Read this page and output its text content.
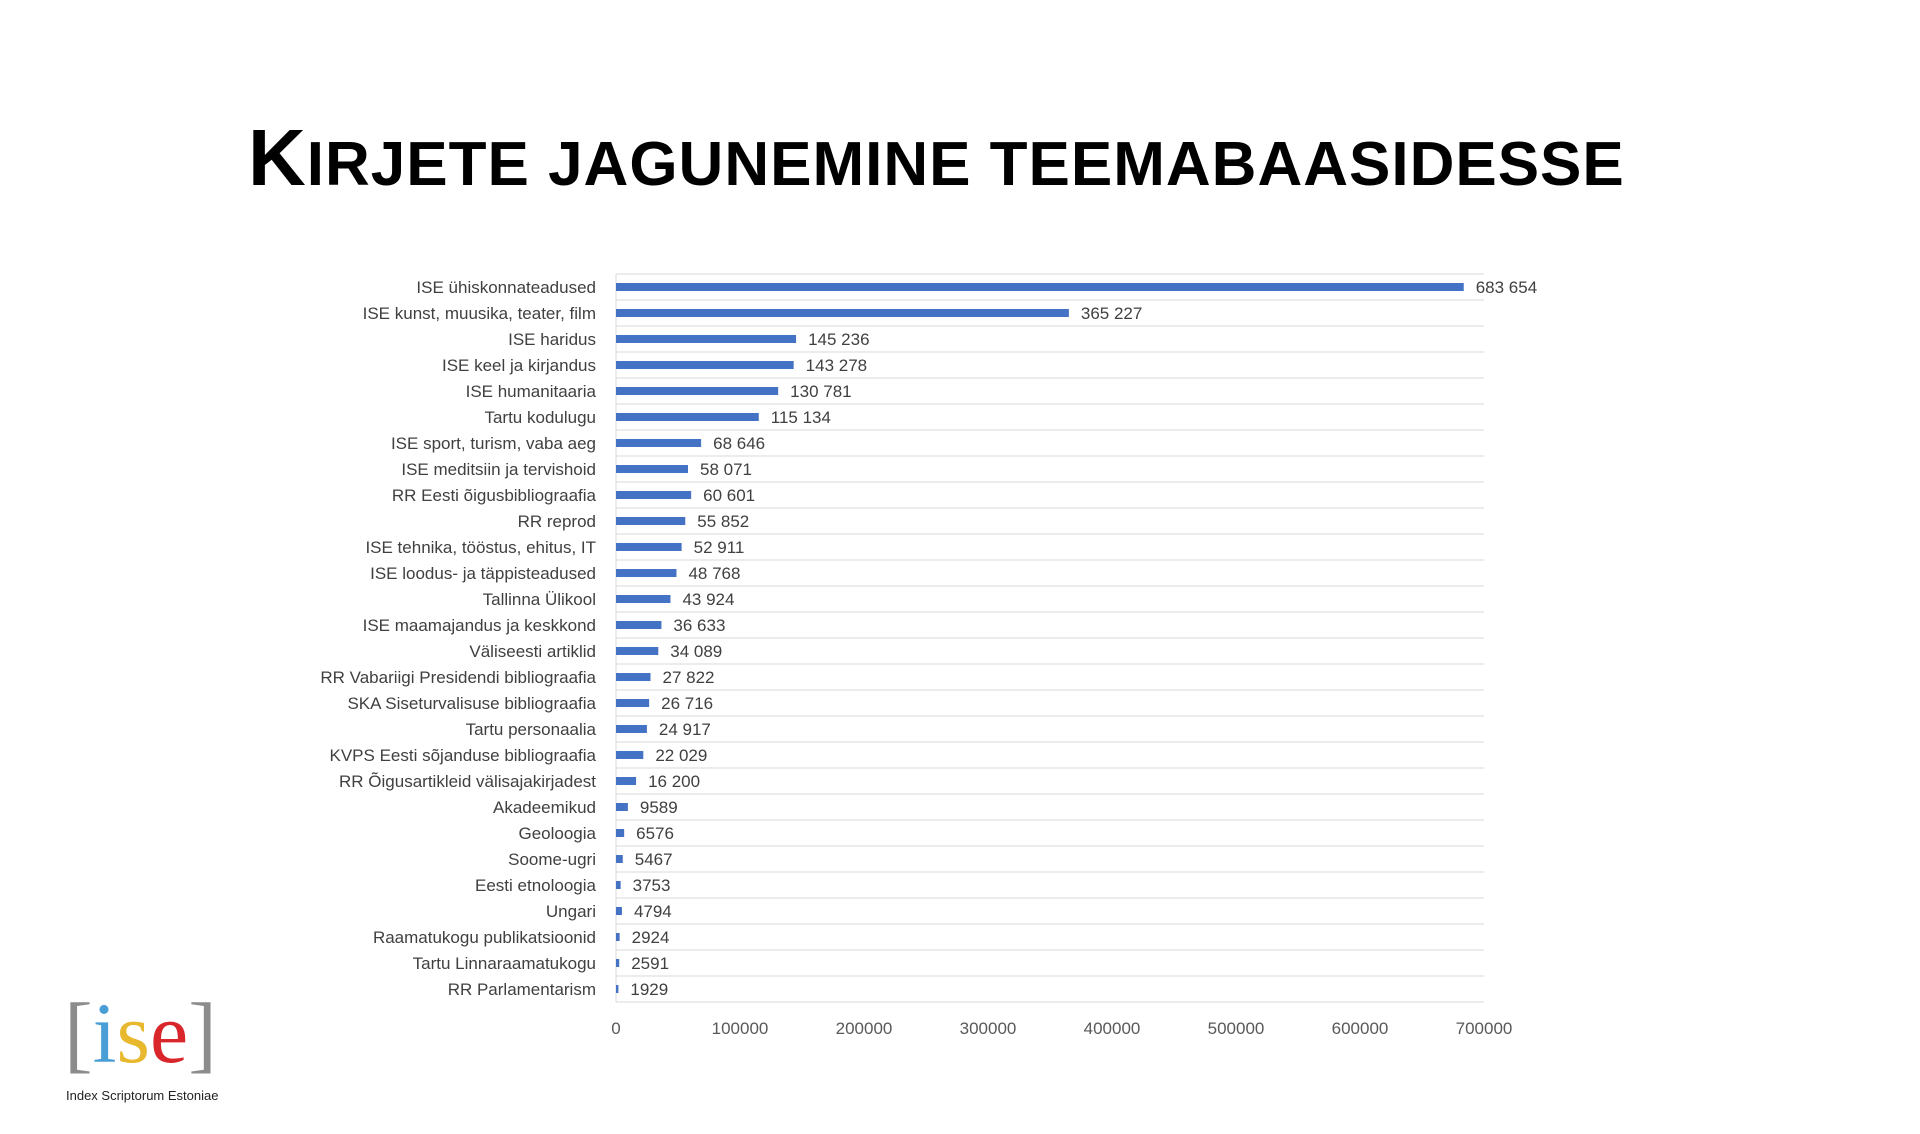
KIRJETE JAGUNEMINE TEEMABAASIDESSE
ISE ühiskonnateadused
ISE kunst, muusika, teater, film
ISE haridus
ISE keel ja kirjandus
ISE humanitaaria
Tartu kodulugu
ISE sport, turism, vaba aeg
ISE meditsiin ja tervishoid
RR Eesti õigusbibliograafia
RR reprod
ISE tehnika, tööstus, ehitus, IT
ISE loodus- ja täppisteadused
Tallinna Ülikool
ISE maamajandus ja keskkond
Väliseesti artiklid
RR Vabariigi Presidendi bibliograafia
SKA Siseturvalisuse bibliograafia
Tartu personaalia
KVPS Eesti sõjanduse bibliograafia
RR Õigusartikleid välisajakirjadest
Akadeemikud
Geoloogia
Soome-ugri
Eesti etnoloogia
Ungari
Raamatukogu publikatsioonid
Tartu Linnaraamatukogu
RR Parlamentarism
683 654
365 227
145 236
143 278
130 781
115 134
68 646
58 071
60 601
55 852
52 911
48 768
43 924
36 633
34 089
27 822
26 716
24 917
22 029
16 200
9589
6576
5467
3753
4794
2924
2591
1929
0	100000	200000	300000	400000	500000	600000	700000
[ise]
Index Scriptorum Estoniae
